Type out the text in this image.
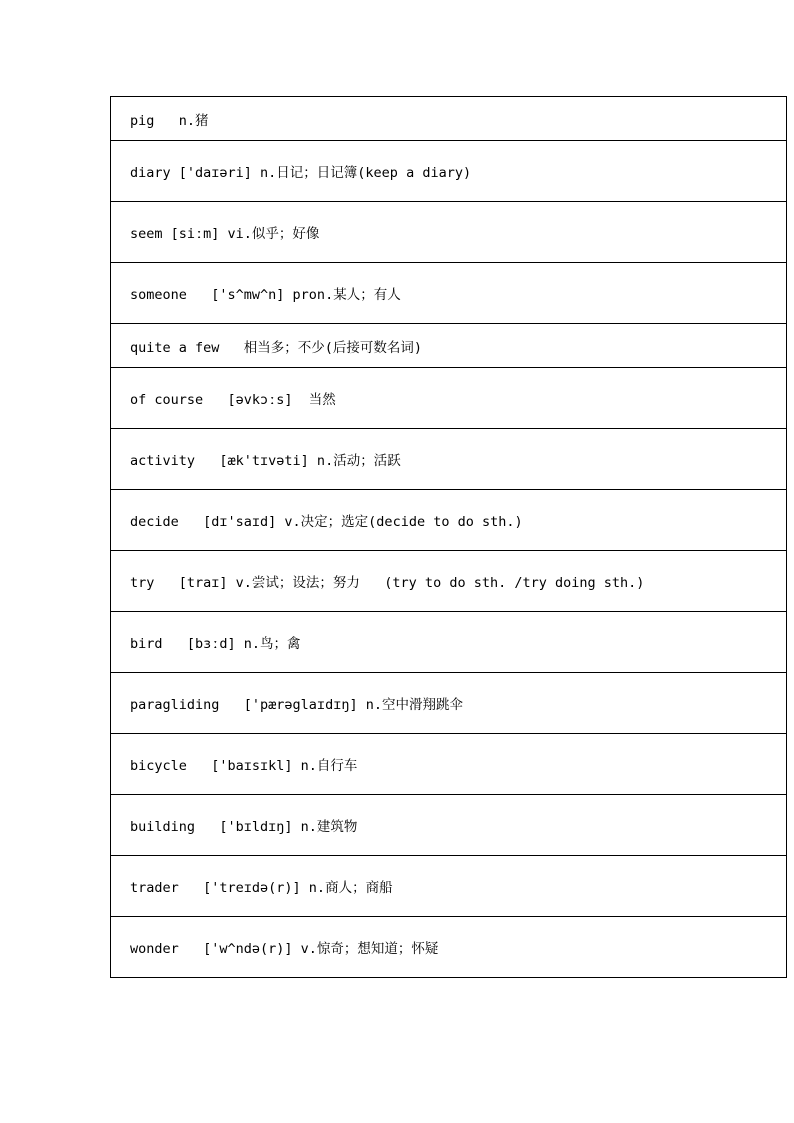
pig   n.猪
diary ['daɪəri] n.日记；日记簿(keep a diary)
seem [siːm] vi.似乎；好像
someone   ['s^mw^n] pron.某人；有人
quite a few   相当多；不少(后接可数名词)
of course   [əvkɔːs]  当然
activity   [æk'tɪvəti] n.活动；活跃
decide   [dɪ'saɪd] v.决定；选定(decide to do sth.)
try   [traɪ] v.尝试；设法；努力   (try to do sth. /try doing sth.)
bird   [bɜːd] n.鸟；禽
paragliding   ['pærəglaɪdɪŋ] n.空中滑翔跳伞
bicycle   ['baɪsɪkl] n.自行车
building   ['bɪldɪŋ] n.建筑物
trader   ['treɪdə(r)] n.商人；商船
wonder   ['w^ndə(r)] v.惊奇；想知道；怀疑
